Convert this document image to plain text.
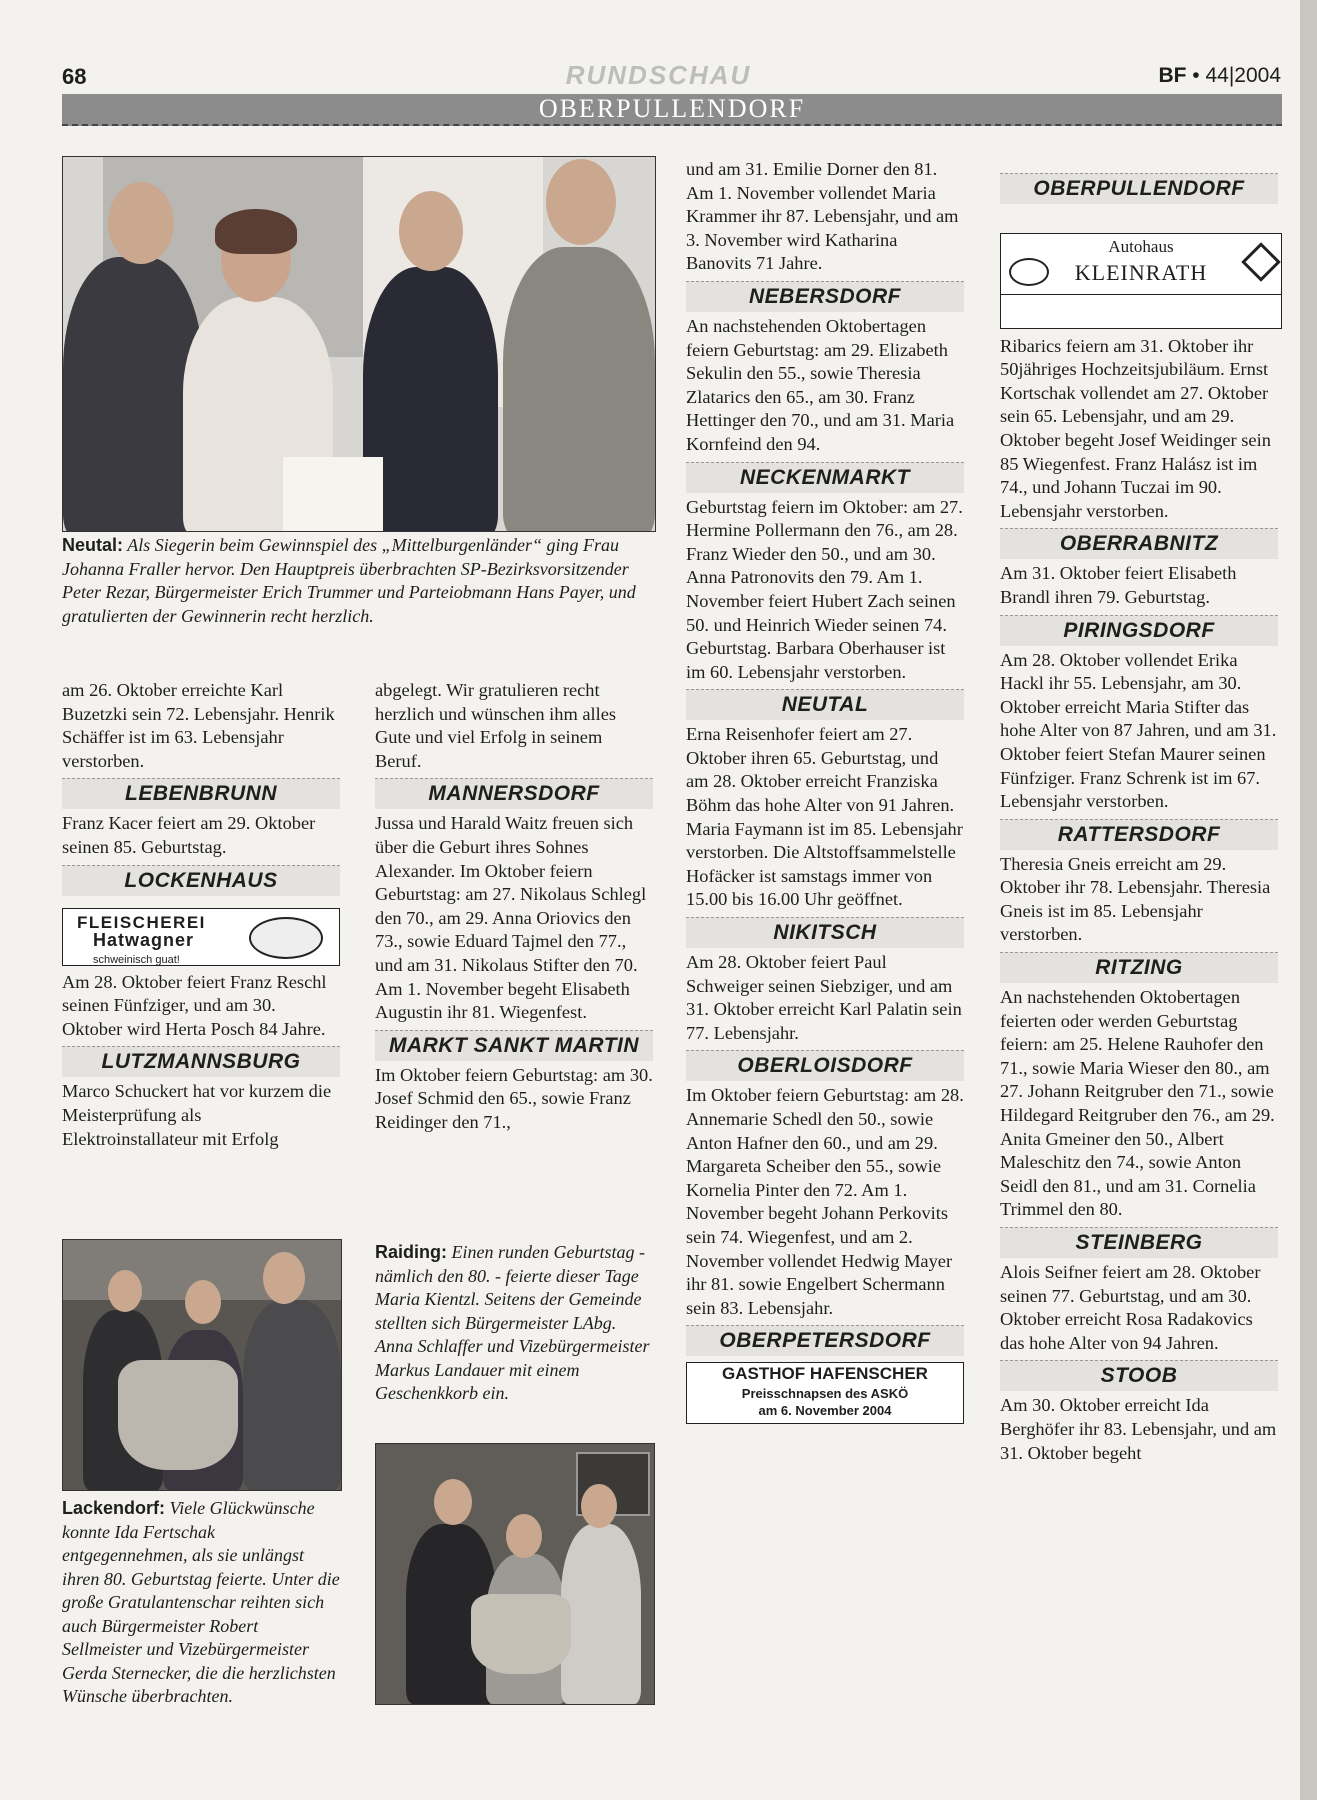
68	RUNDSCHAU	BF • 44|2004
OBERPULLENDORF
Neutal: Als Siegerin beim Gewinnspiel des „Mittelburgenländer“ ging Frau Johanna Fraller hervor. Den Hauptpreis überbrachten SP-Bezirksvorsitzender Peter Rezar, Bürgermeister Erich Trummer und Parteiobmann Hans Payer, und gratulierten der Gewinnerin recht herzlich.

am 26. Oktober erreichte Karl Buzetzki sein 72. Lebensjahr. Henrik Schäffer ist im 63. Lebensjahr verstorben.

LEBENBRUNN

Franz Kacer feiert am 29. Oktober seinen 85. Geburtstag.

LOCKENHAUS
FLEISCHEREI
Hatwagner
schweinisch guat!

Am 28. Oktober feiert Franz Reschl seinen Fünfziger, und am 30. Oktober wird Herta Posch 84 Jahre.

LUTZMANNSBURG

Marco Schuckert hat vor kurzem die Meisterprüfung als Elektroinstallateur mit Erfolg

Lackendorf: Viele Glückwünsche konnte Ida Fertschak entgegennehmen, als sie unlängst ihren 80. Geburtstag feierte. Unter die große Gratulantenschar reihten sich auch Bürgermeister Robert Sellmeister und Vizebürgermeister Gerda Sternecker, die die herzlichsten Wünsche überbrachten.

abgelegt. Wir gratulieren recht herzlich und wünschen ihm alles Gute und viel Erfolg in seinem Beruf.

MANNERSDORF

Jussa und Harald Waitz freuen sich über die Geburt ihres Sohnes Alexander. Im Oktober feiern Geburtstag: am 27. Nikolaus Schlegl den 70., am 29. Anna Oriovics den 73., sowie Eduard Tajmel den 77., und am 31. Nikolaus Stifter den 70. Am 1. November begeht Elisabeth Augustin ihr 81. Wiegenfest.

MARKT SANKT MARTIN

Im Oktober feiern Geburtstag: am 30. Josef Schmid den 65., sowie Franz Reidinger den 71.,

Raiding: Einen runden Geburtstag - nämlich den 80. - feierte dieser Tage Maria Kientzl. Seitens der Gemeinde stellten sich Bürgermeister LAbg. Anna Schlaffer und Vizebürgermeister Markus Landauer mit einem Geschenkkorb ein.

und am 31. Emilie Dorner den 81. Am 1. November vollendet Maria Krammer ihr 87. Lebensjahr, und am 3. November wird Katharina Banovits 71 Jahre.

NEBERSDORF

An nachstehenden Oktobertagen feiern Geburtstag: am 29. Elizabeth Sekulin den 55., sowie Theresia Zlatarics den 65., am 30. Franz Hettinger den 70., und am 31. Maria Kornfeind den 94.

NECKENMARKT

Geburtstag feiern im Oktober: am 27. Hermine Pollermann den 76., am 28. Franz Wieder den 50., und am 30. Anna Patronovits den 79. Am 1. November feiert Hubert Zach seinen 50. und Heinrich Wieder seinen 74. Geburtstag. Barbara Oberhauser ist im 60. Lebensjahr verstorben.

NEUTAL

Erna Reisenhofer feiert am 27. Oktober ihren 65. Geburtstag, und am 28. Oktober erreicht Franziska Böhm das hohe Alter von 91 Jahren. Maria Faymann ist im 85. Lebensjahr verstorben. Die Altstoffsammelstelle Hofäcker ist samstags immer von 15.00 bis 16.00 Uhr geöffnet.

NIKITSCH

Am 28. Oktober feiert Paul Schweiger seinen Siebziger, und am 31. Oktober erreicht Karl Palatin sein 77. Lebensjahr.

OBERLOISDORF

Im Oktober feiern Geburtstag: am 28. Annemarie Schedl den 50., sowie Anton Hafner den 60., und am 29. Margareta Scheiber den 55., sowie Kornelia Pinter den 72. Am 1. November begeht Johann Perkovits sein 74. Wiegenfest, und am 2. November vollendet Hedwig Mayer ihr 81. sowie Engelbert Schermann sein 83. Lebensjahr.

OBERPETERSDORF
GASTHOF HAFENSCHER
Preisschnapsen des ASKÖ
am 6. November 2004
OBERPULLENDORF

Ribarics feiern am 31. Oktober ihr 50jähriges Hochzeitsjubiläum. Ernst Kortschak vollendet am 27. Oktober sein 65. Lebensjahr, und am 29. Oktober begeht Josef Weidinger sein 85 Wiegenfest. Franz Halász ist im 74., und Johann Tuczai im 90. Lebensjahr verstorben.

OBERRABNITZ

Am 31. Oktober feiert Elisabeth Brandl ihren 79. Geburtstag.

PIRINGSDORF

Am 28. Oktober vollendet Erika Hackl ihr 55. Lebensjahr, am 30. Oktober erreicht Maria Stifter das hohe Alter von 87 Jahren, und am 31. Oktober feiert Stefan Maurer seinen Fünfziger. Franz Schrenk ist im 67. Lebensjahr verstorben.

RATTERSDORF

Theresia Gneis erreicht am 29. Oktober ihr 78. Lebensjahr. Theresia Gneis ist im 85. Lebensjahr verstorben.

RITZING

An nachstehenden Oktobertagen feierten oder werden Geburtstag feiern: am 25. Helene Rauhofer den 71., sowie Maria Wieser den 80., am 27. Johann Reitgruber den 71., sowie Hildegard Reitgruber den 76., am 29. Anita Gmeiner den 50., Albert Maleschitz den 74., sowie Anton Seidl den 81., und am 31. Cornelia Trimmel den 80.

STEINBERG

Alois Seifner feiert am 28. Oktober seinen 77. Geburtstag, und am 30. Oktober erreicht Rosa Radakovics das hohe Alter von 94 Jahren.

STOOB

Am 30. Oktober erreicht Ida Berghöfer ihr 83. Lebensjahr, und am 31. Oktober begeht

Autohaus
KLEINRATH
